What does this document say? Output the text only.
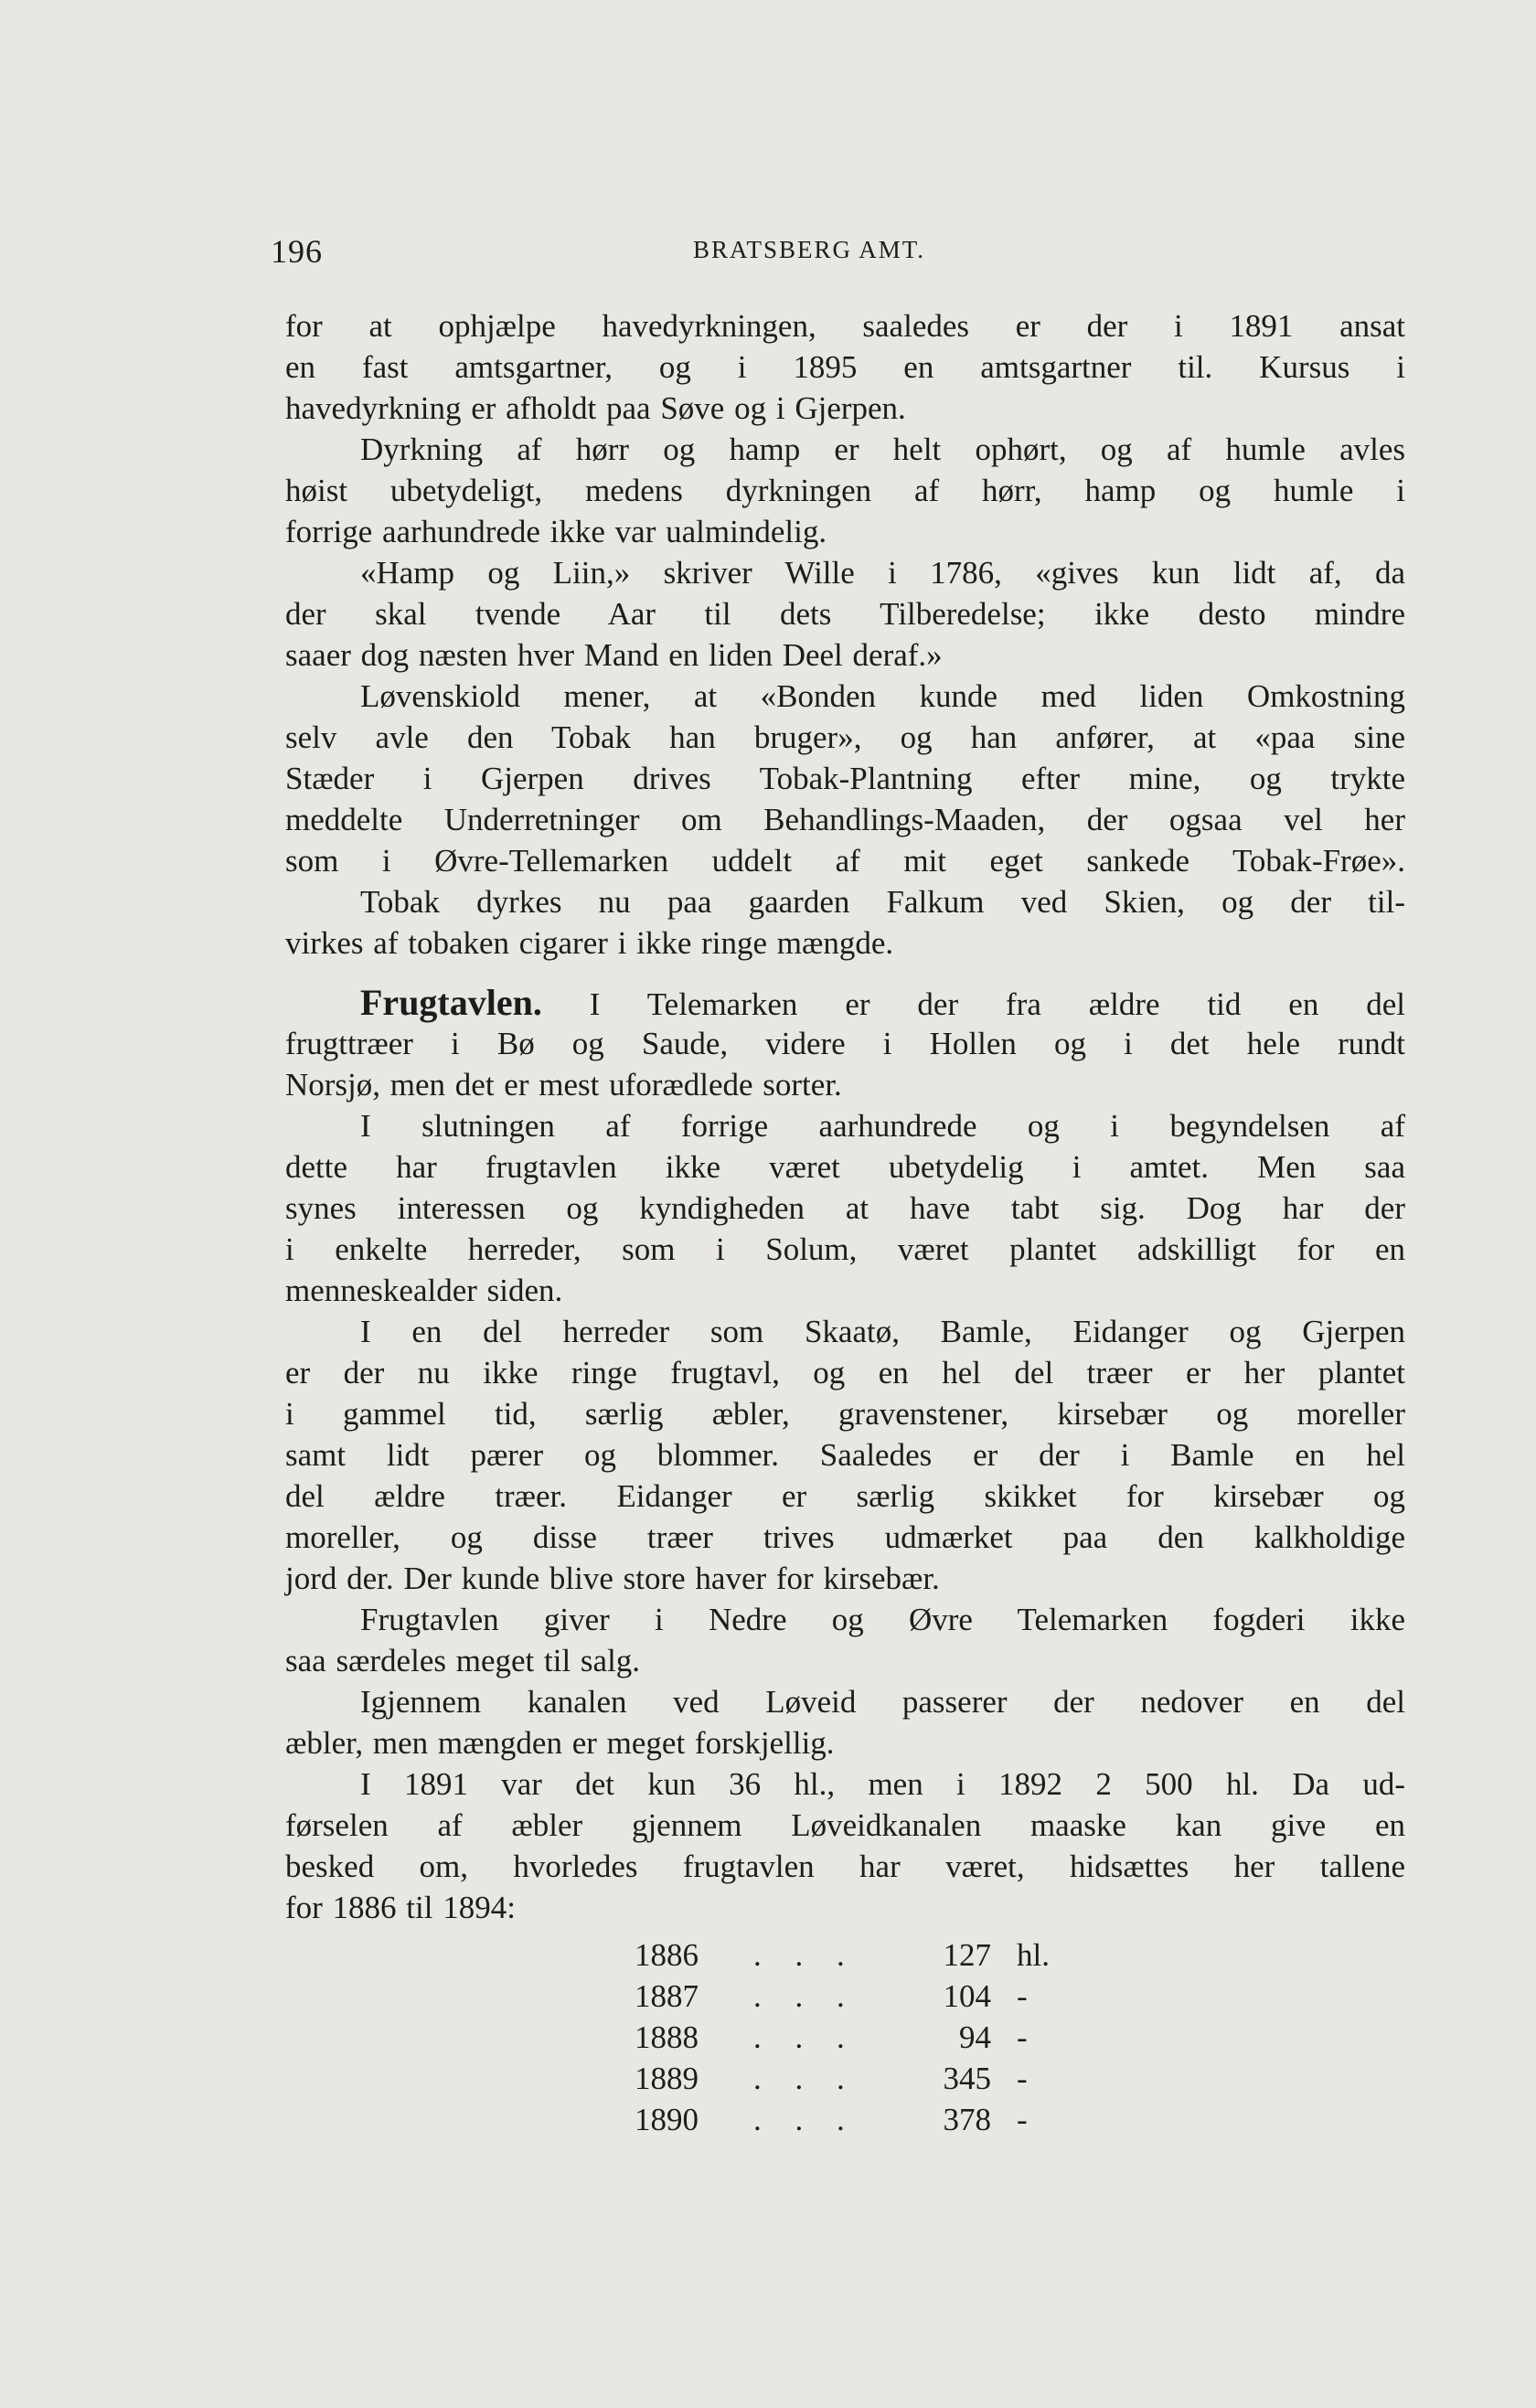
196	BRATSBERG AMT.
for at ophjælpe havedyrkningen, saaledes er der i 1891 ansat
en fast amtsgartner, og i 1895 en amtsgartner til. Kursus i
havedyrkning er afholdt paa Søve og i Gjerpen.
Dyrkning af hørr og hamp er helt ophørt, og af humle avles
høist ubetydeligt, medens dyrkningen af hørr, hamp og humle i
forrige aarhundrede ikke var ualmindelig.
«Hamp og Liin,» skriver Wille i 1786, «gives kun lidt af, da
der skal tvende Aar til dets Tilberedelse; ikke desto mindre
saaer dog næsten hver Mand en liden Deel deraf.»
Løvenskiold mener, at «Bonden kunde med liden Omkostning
selv avle den Tobak han bruger», og han anfører, at «paa sine
Stæder i Gjerpen drives Tobak-Plantning efter mine, og trykte
meddelte Underretninger om Behandlings-Maaden, der ogsaa vel her
som i Øvre-Tellemarken uddelt af mit eget sankede Tobak-Frøe».
Tobak dyrkes nu paa gaarden Falkum ved Skien, og der til-
virkes af tobaken cigarer i ikke ringe mængde.
Frugtavlen. I Telemarken er der fra ældre tid en del
frugttræer i Bø og Saude, videre i Hollen og i det hele rundt
Norsjø, men det er mest uforædlede sorter.
I slutningen af forrige aarhundrede og i begyndelsen af
dette har frugtavlen ikke været ubetydelig i amtet. Men saa
synes interessen og kyndigheden at have tabt sig. Dog har der
i enkelte herreder, som i Solum, været plantet adskilligt for en
menneskealder siden.
I en del herreder som Skaatø, Bamle, Eidanger og Gjerpen
er der nu ikke ringe frugtavl, og en hel del træer er her plantet
i gammel tid, særlig æbler, gravenstener, kirsebær og moreller
samt lidt pærer og blommer. Saaledes er der i Bamle en hel
del ældre træer. Eidanger er særlig skikket for kirsebær og
moreller, og disse træer trives udmærket paa den kalkholdige
jord der. Der kunde blive store haver for kirsebær.
Frugtavlen giver i Nedre og Øvre Telemarken fogderi ikke
saa særdeles meget til salg.
Igjennem kanalen ved Løveid passerer der nedover en del
æbler, men mængden er meget forskjellig.
I 1891 var det kun 36 hl., men i 1892 2 500 hl. Da ud-
førselen af æbler gjennem Løveidkanalen maaske kan give en
besked om, hvorledes frugtavlen har været, hidsættes her tallene
for 1886 til 1894:
1886 . . .	127 hl.
1887 . . .	104 -
1888 . . .	94 -
1889 . . .	345 -
1890 . . .	378 -
